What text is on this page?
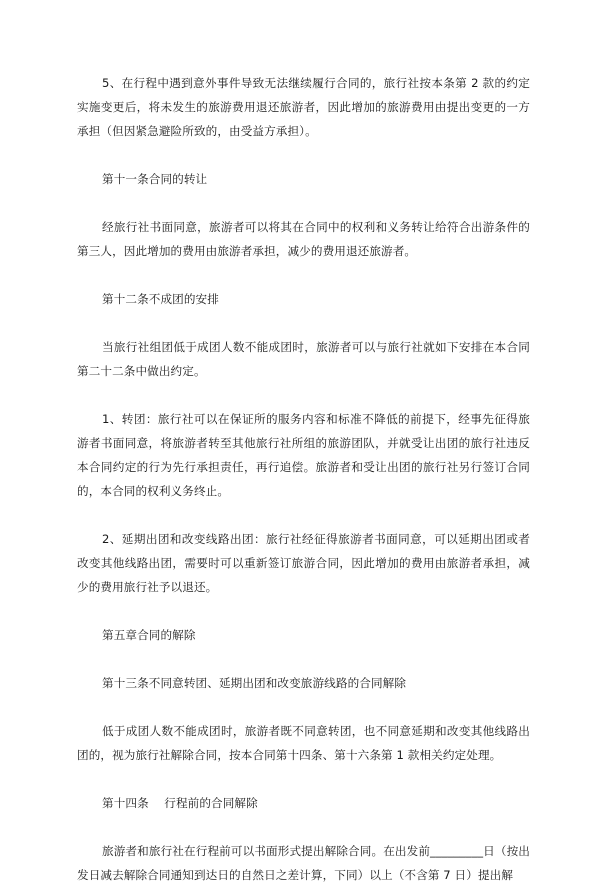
5、在行程中遇到意外事件导致无法继续履行合同的，旅行社按本条第 2 款的约定实施变更后，将未发生的旅游费用退还旅游者，因此增加的旅游费用由提出变更的一方承担（但因紧急避险所致的，由受益方承担）。

第十一条合同的转让

经旅行社书面同意，旅游者可以将其在合同中的权利和义务转让给符合出游条件的第三人，因此增加的费用由旅游者承担，减少的费用退还旅游者。

第十二条不成团的安排

当旅行社组团低于成团人数不能成团时，旅游者可以与旅行社就如下安排在本合同第二十二条中做出约定。

1、转团：旅行社可以在保证所的服务内容和标准不降低的前提下，经事先征得旅游者书面同意，将旅游者转至其他旅行社所组的旅游团队，并就受让出团的旅行社违反本合同约定的行为先行承担责任，再行追偿。旅游者和受让出团的旅行社另行签订合同的，本合同的权利义务终止。

2、延期出团和改变线路出团：旅行社经征得旅游者书面同意，可以延期出团或者改变其他线路出团，需要时可以重新签订旅游合同，因此增加的费用由旅游者承担，减少的费用旅行社予以退还。

第五章合同的解除

第十三条不同意转团、延期出团和改变旅游线路的合同解除

低于成团人数不能成团时，旅游者既不同意转团，也不同意延期和改变其他线路出团的，视为旅行社解除合同，按本合同第十四条、第十六条第 1 款相关约定处理。

第十四条　 行程前的合同解除

旅游者和旅行社在行程前可以书面形式提出解除合同。在出发前_________日（按出发日减去解除合同通知到达日的自然日之差计算，下同）以上（不含第 7 日）提出解
